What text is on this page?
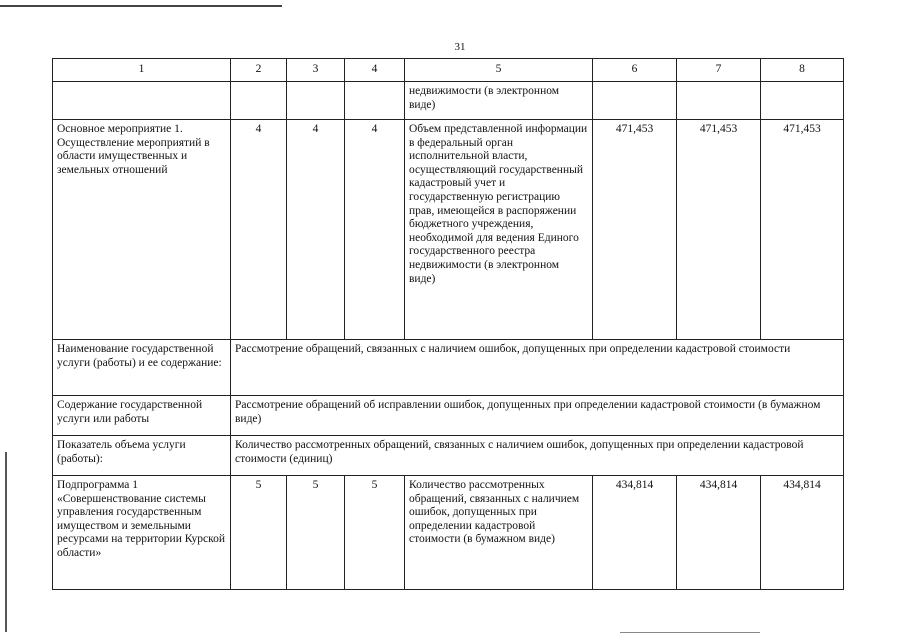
31
1	2	3	4	5	6	7	8
				недвижимости (в электронном виде)			
Основное мероприятие 1. Осуществление мероприятий в области имущественных и земельных отношений	4	4	4	Объем представленной информации в федеральный орган исполнительной власти, осуществляющий государственный кадастровый учет и государственную регистрацию прав, имеющейся в распоряжении бюджетного учреждения, необходимой для ведения Единого государственного реестра недвижимости (в электронном виде)	471,453	471,453	471,453
Наименование государственной услуги (работы) и ее содержание:	Рассмотрение обращений, связанных с наличием ошибок, допущенных при определении кадастровой стоимости						
Содержание государственной услуги или работы	Рассмотрение обращений об исправлении ошибок, допущенных при определении кадастровой стоимости (в бумажном виде)						
Показатель объема услуги (работы):	Количество рассмотренных обращений, связанных с наличием ошибок, допущенных при определении кадастровой стоимости (единиц)						
Подпрограмма 1 «Совершенствование системы управления государственным имуществом и земельными ресурсами на территории Курской области»	5	5	5	Количество рассмотренных обращений, связанных с наличием ошибок, допущенных при определении кадастровой стоимости (в бумажном виде)	434,814	434,814	434,814
